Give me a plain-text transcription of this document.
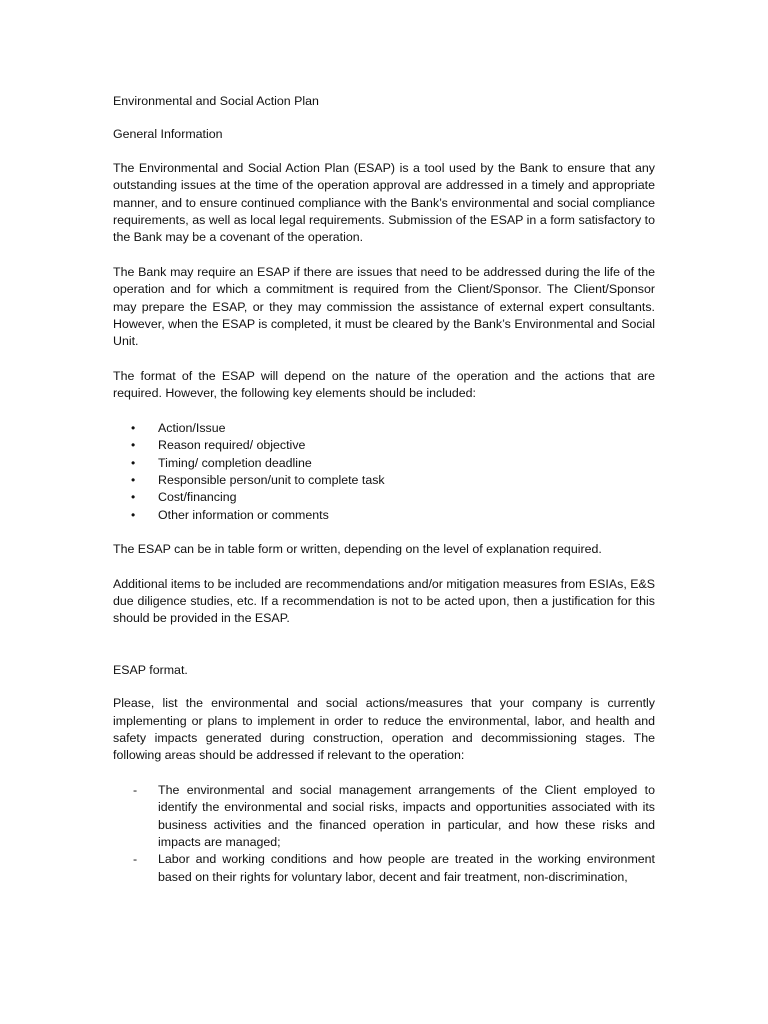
Environmental and Social Action Plan
General Information

The Environmental and Social Action Plan (ESAP) is a tool used by the Bank to ensure that any outstanding issues at the time of the operation approval are addressed in a timely and appropriate manner, and to ensure continued compliance with the Bank’s environmental and social compliance requirements, as well as local legal requirements. Submission of the ESAP in a form satisfactory to the Bank may be a covenant of the operation.

The Bank may require an ESAP if there are issues that need to be addressed during the life of the operation and for which a commitment is required from the Client/Sponsor. The Client/Sponsor may prepare the ESAP, or they may commission the assistance of external expert consultants. However, when the ESAP is completed, it must be cleared by the Bank’s Environmental and Social Unit.

The format of the ESAP will depend on the nature of the operation and the actions that are required. However, the following key elements should be included:

• Action/Issue
• Reason required/ objective
• Timing/ completion deadline
• Responsible person/unit to complete task
• Cost/financing
• Other information or comments

The ESAP can be in table form or written, depending on the level of explanation required.

Additional items to be included are recommendations and/or mitigation measures from ESIAs, E&S due diligence studies, etc. If a recommendation is not to be acted upon, then a justification for this should be provided in the ESAP.

ESAP format.

Please, list the environmental and social actions/measures that your company is currently implementing or plans to implement in order to reduce the environmental, labor, and health and safety impacts generated during construction, operation and decommissioning stages. The following areas should be addressed if relevant to the operation:

- The environmental and social management arrangements of the Client employed to identify the environmental and social risks, impacts and opportunities associated with its business activities and the financed operation in particular, and how these risks and impacts are managed;
- Labor and working conditions and how people are treated in the working environment based on their rights for voluntary labor, decent and fair treatment, non-discrimination,
